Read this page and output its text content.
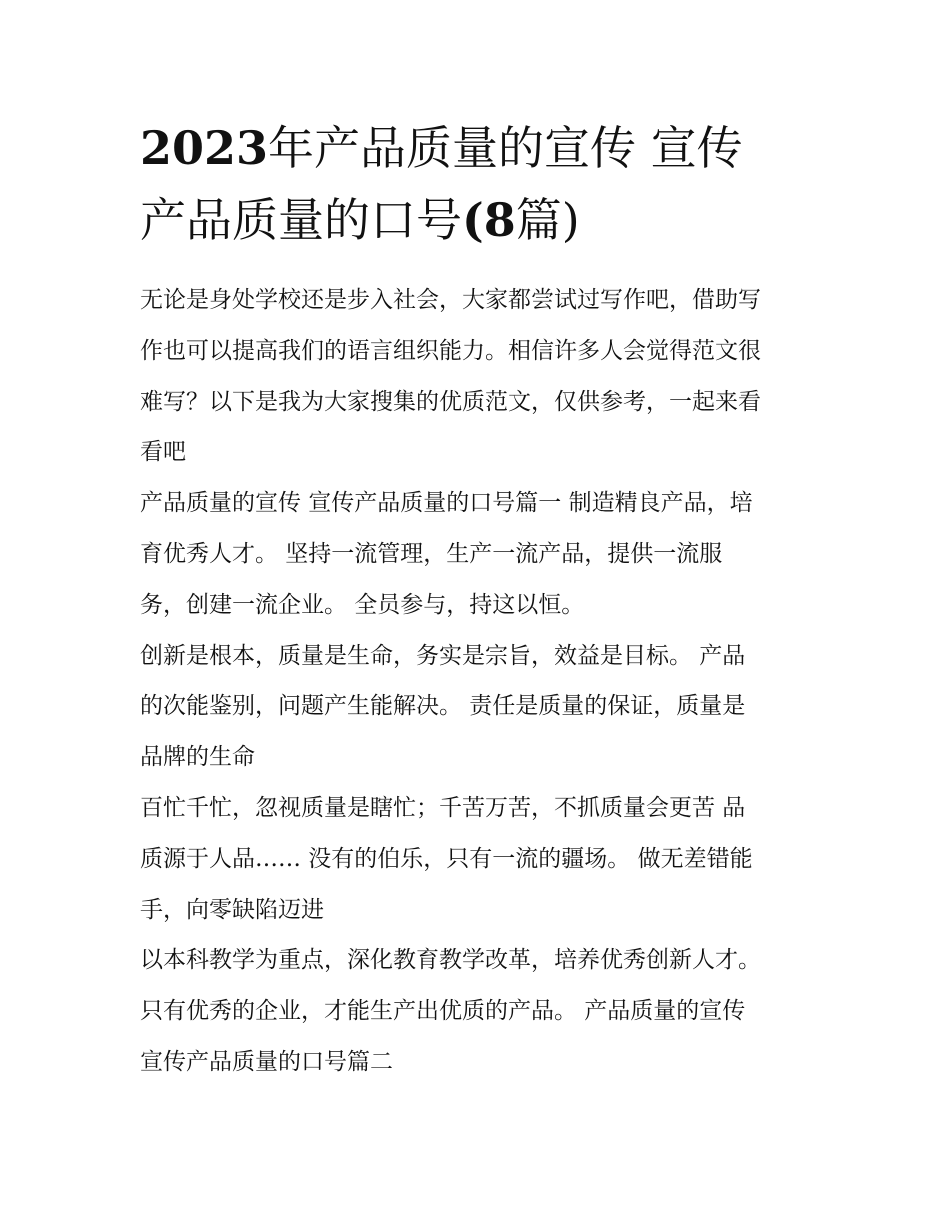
2023年产品质量的宣传 宣传
产品质量的口号(8篇)

无论是身处学校还是步入社会，大家都尝试过写作吧，借助写
作也可以提高我们的语言组织能力。相信许多人会觉得范文很
难写？以下是我为大家搜集的优质范文，仅供参考，一起来看
看吧

产品质量的宣传 宣传产品质量的口号篇一 制造精良产品，培
育优秀人才。 坚持一流管理，生产一流产品，提供一流服
务，创建一流企业。 全员参与，持这以恒。

创新是根本，质量是生命，务实是宗旨，效益是目标。 产品
的次能鉴别，问题产生能解决。 责任是质量的保证，质量是
品牌的生命

百忙千忙，忽视质量是瞎忙；千苦万苦，不抓质量会更苦 品
质源于人品…… 没有的伯乐，只有一流的疆场。 做无差错能
手，向零缺陷迈进

以本科教学为重点，深化教育教学改革，培养优秀创新人才。
只有优秀的企业，才能生产出优质的产品。 产品质量的宣传
宣传产品质量的口号篇二
